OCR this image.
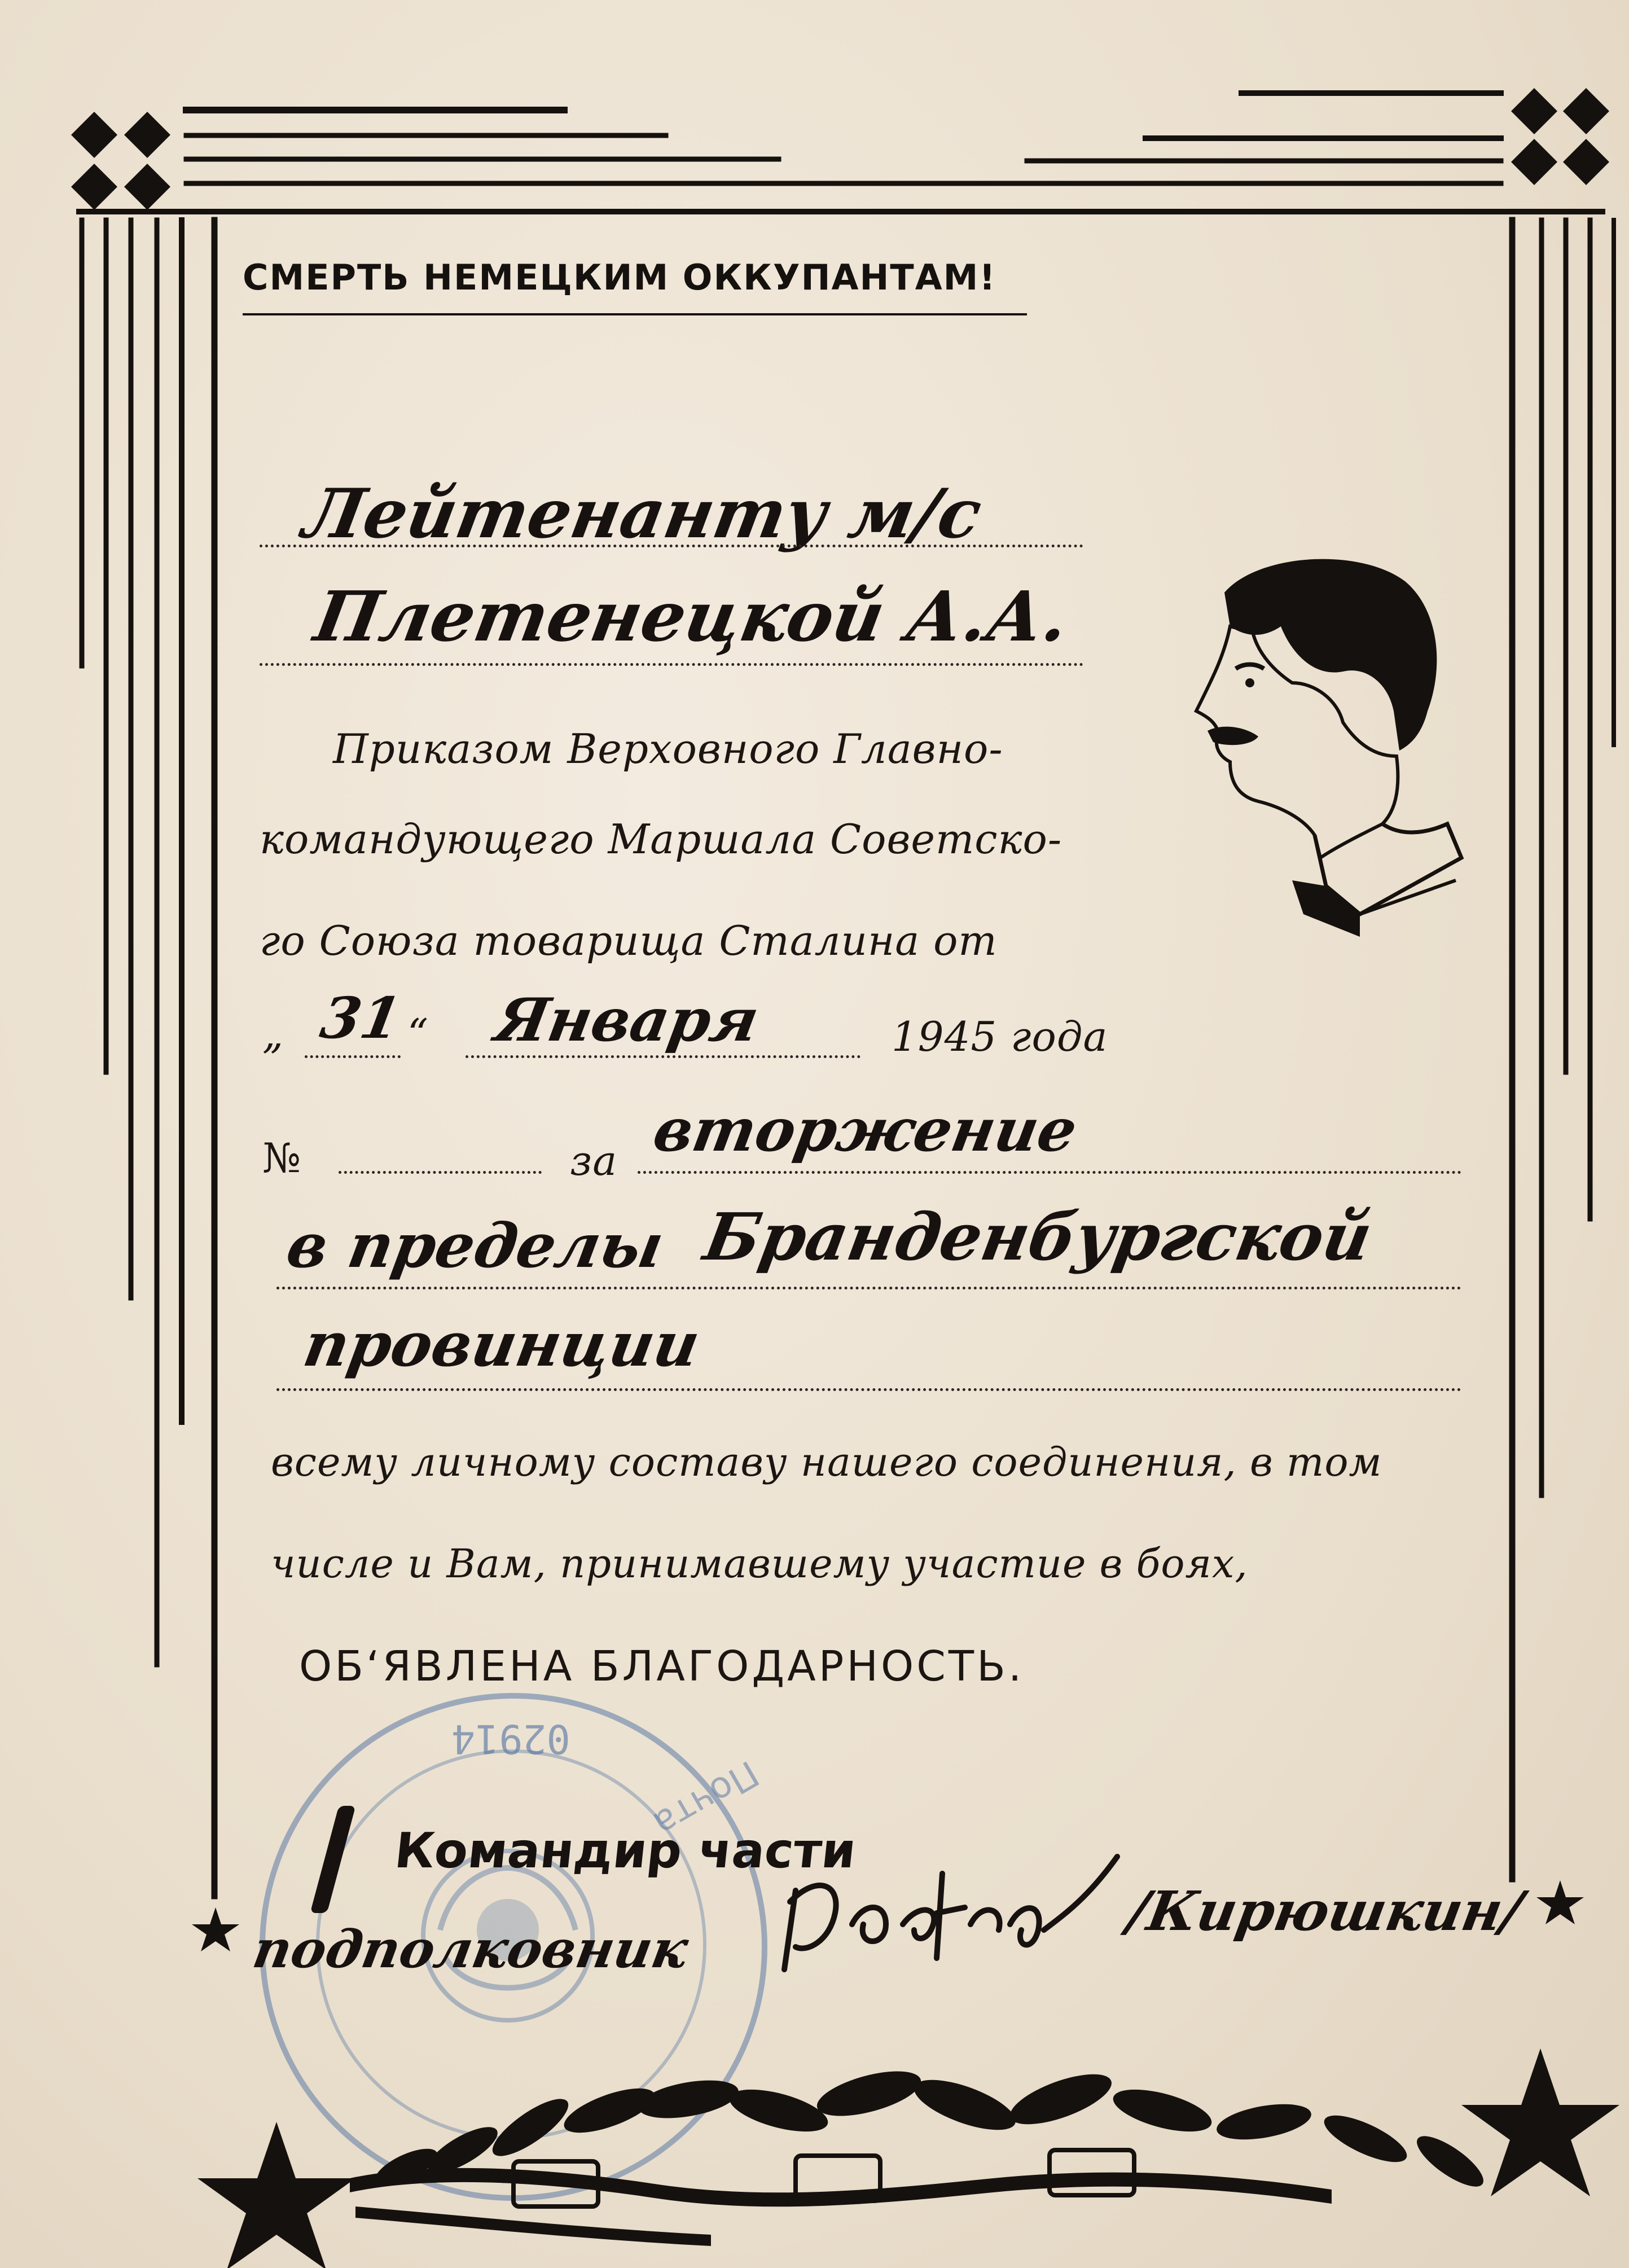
СМЕРТЬ НЕМЕЦКИМ ОККУПАНТАМ!
Лейтенанту м/с
Плетенецкой А.А.
Приказом Верховного Главно-
командующего Маршала Советско-
го Союза товарища Сталина от
„ 31 “ Января	1945 года
№	за вторжение
в пределы Бранденбургской
провинции
всему личному составу нашего соединения, в том
числе и Вам, принимавшему участие в боях,
ОБ‘ЯВЛЕНА БЛАГОДАРНОСТЬ.
02914
Почта
Командир части
подполковник
/Кирюшкин/
